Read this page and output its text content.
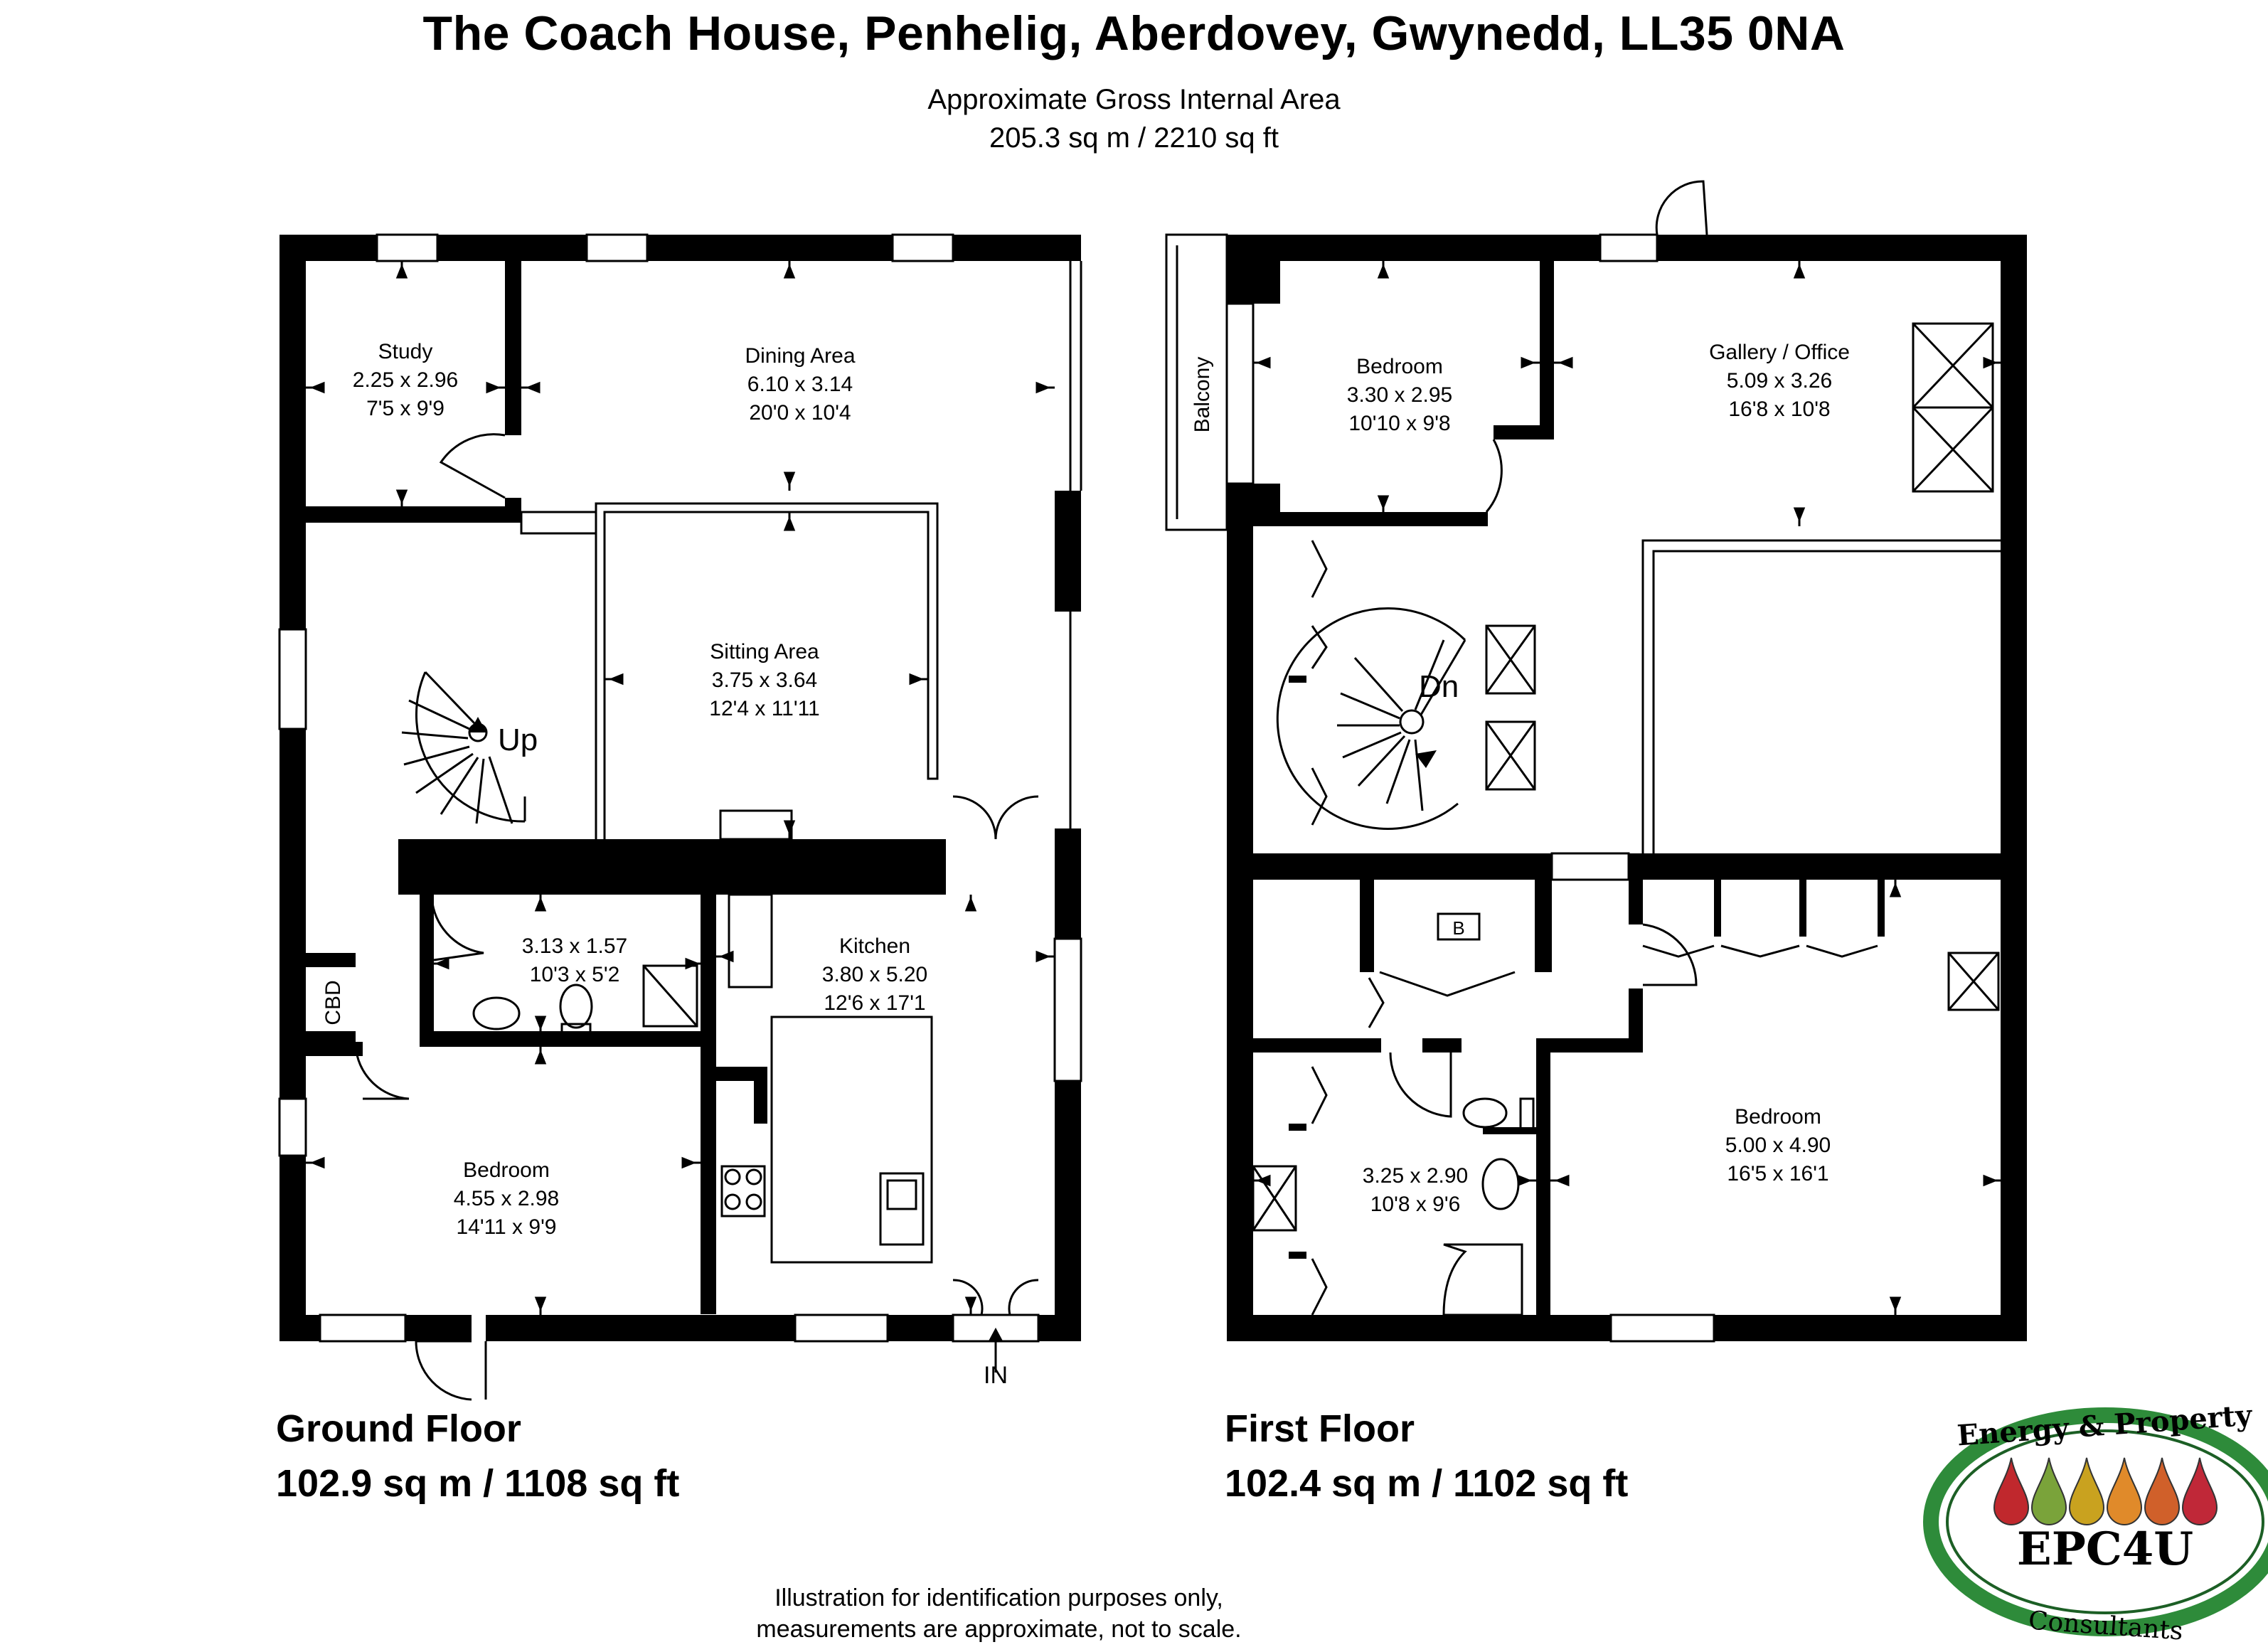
The Coach House, Penhelig, Aberdovey, Gwynedd, LL35 0NA
Approximate Gross Internal Area
205.3 sq m / 2210 sq ft
Study
2.25 x 2.96
7'5 x 9'9
Dining Area
6.10 x 3.14
20'0 x 10'4
Sitting Area
3.75 x 3.64
12'4 x 11'11
3.13 x 1.57
10'3 x 5'2
Kitchen
3.80 x 5.20
12'6 x 17'1
Bedroom
4.55 x 2.98
14'11 x 9'9
CBD
Up
IN
B
Bedroom
3.30 x 2.95
10'10 x 9'8
Gallery / Office
5.09 x 3.26
16'8 x 10'8
3.25 x 2.90
10'8 x 9'6
Bedroom
5.00 x 4.90
16'5 x 16'1
Balcony
Dn
Energy & Property
EPC4U
Consultants
Ground Floor
102.9 sq m / 1108 sq ft
First Floor
102.4 sq m / 1102 sq ft
Illustration for identification purposes only,
measurements are approximate, not to scale.
